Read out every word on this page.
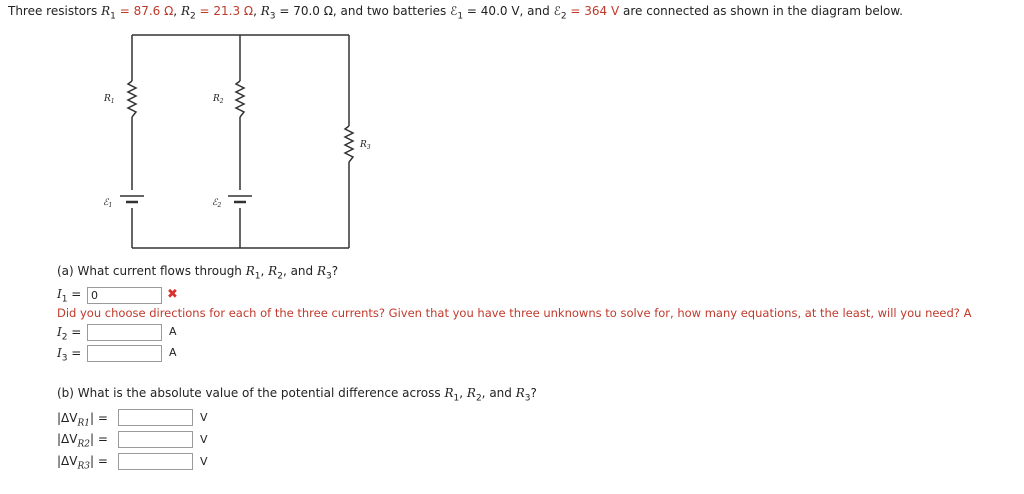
Three resistors $R_1 = 87.6$ Ω, $R_2 = 21.3$ Ω, $R_3 = 70.0$ Ω, and two batteries ℰ$_1$ = 40.0 V, and ℰ$_2$ = 364 V are connected as shown in the diagram below.
$R_1$	$R_2$
$R_3$
ℰ$_1$	ℰ$_2$
(a) What current flows through $R_1$, $R_2$, and $R_3$?
$I_1 = 0$	✖
Did you choose directions for each of the three currents? Given that you have three unknowns to solve for, how many equations, at the least, will you need? A
$I_2$ =	A
$I_3$ =	A
(b) What is the absolute value of the potential difference across $R_1$, $R_2$, and $R_3$?
$|\Delta V_{R1}|$ =	V
$|\Delta V_{R2}|$ =	V
$|\Delta V_{R3}|$ =	V
